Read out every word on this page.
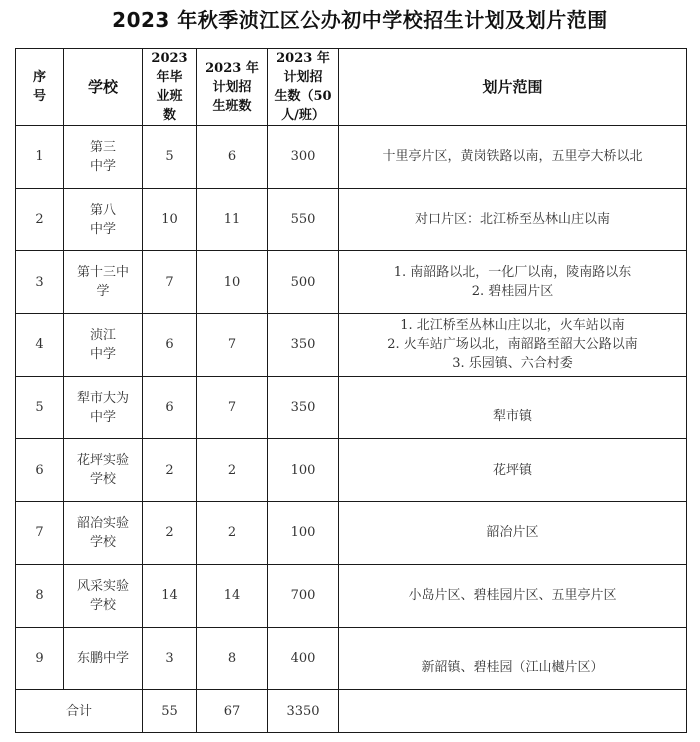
2023 年秋季浈江区公办初中学校招生计划及划片范围
序
号	学校	2023
年毕
业班
数	2023 年
计划招
生班数	2023 年
计划招
生数（50
人/班）	划片范围
1	第三
中学	5	6	300	十里亭片区，黄岗铁路以南，五里亭大桥以北

2	第八
中学	10	11	550	对口片区：北江桥至丛林山庄以南

3	第十三中
学	7	10	500	1. 南韶路以北，一化厂以南，陵南路以东
2. 碧桂园片区

4	浈江
中学	6	7	350	1. 北江桥至丛林山庄以北，火车站以南
2. 火车站广场以北，南韶路至韶大公路以南
3. 乐园镇、六合村委

5	犁市大为
中学	6	7	350	犁市镇

6	花坪实验
学校	2	2	100	花坪镇

7	韶冶实验
学校	2	2	100	韶冶片区

8	风采实验
学校	14	14	700	小岛片区、碧桂园片区、五里亭片区

9	东鹏中学	3	8	400	新韶镇、碧桂园（江山樾片区）

合计		55	67	3350	
